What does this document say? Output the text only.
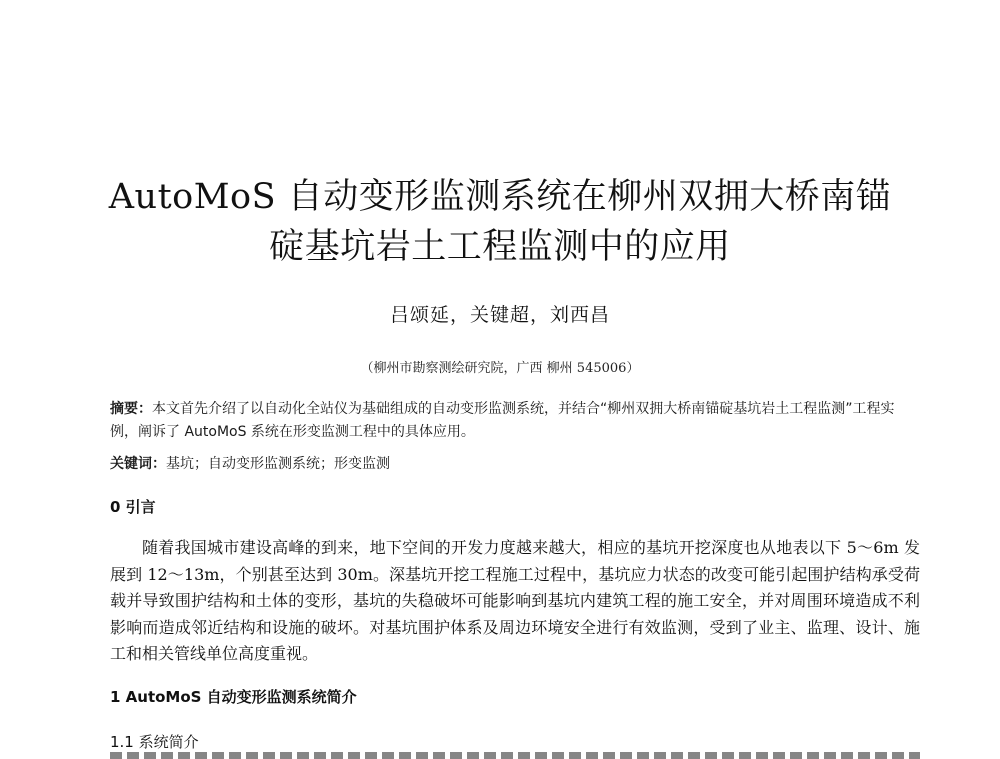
AutoMoS 自动变形监测系统在柳州双拥大桥南锚
碇基坑岩土工程监测中的应用
吕颂延，关键超，刘西昌
（柳州市勘察测绘研究院，广西 柳州 545006）
摘要：本文首先介绍了以自动化全站仪为基础组成的自动变形监测系统，并结合“柳州双拥大桥南锚碇基坑岩土工程监测”工程实例，阐诉了 AutoMoS 系统在形变监测工程中的具体应用。
关键词：基坑；自动变形监测系统；形变监测
0 引言
随着我国城市建设高峰的到来，地下空间的开发力度越来越大，相应的基坑开挖深度也从地表以下 5～6m 发展到 12～13m，个别甚至达到 30m。深基坑开挖工程施工过程中，基坑应力状态的改变可能引起围护结构承受荷载并导致围护结构和土体的变形，基坑的失稳破坏可能影响到基坑内建筑工程的施工安全，并对周围环境造成不利影响而造成邻近结构和设施的破坏。对基坑围护体系及周边环境安全进行有效监测，受到了业主、监理、设计、施工和相关管线单位高度重视。
1 AutoMoS 自动变形监测系统简介
1.1 系统简介
